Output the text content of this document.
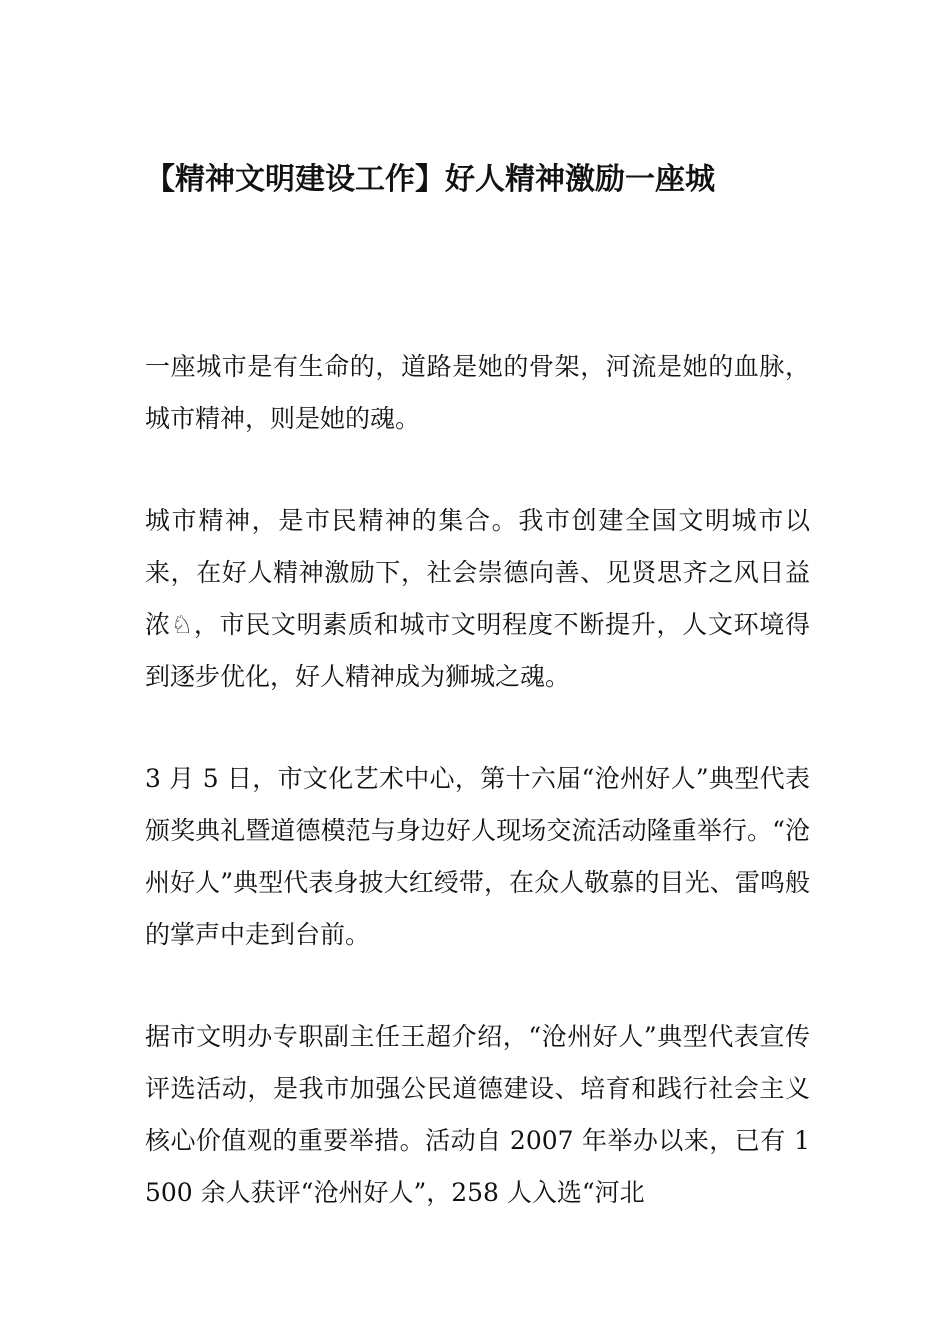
【精神文明建设工作】好人精神激励一座城

一座城市是有生命的，道路是她的骨架，河流是她的血脉，城市精神，则是她的魂。

城市精神，是市民精神的集合。我市创建全国文明城市以来，在好人精神激励下，社会崇德向善、见贤思齐之风日益浓♘，市民文明素质和城市文明程度不断提升，人文环境得到逐步优化，好人精神成为狮城之魂。

3 月 5 日，市文化艺术中心，第十六届“沧州好人”典型代表颁奖典礼暨道德模范与身边好人现场交流活动隆重举行。“沧州好人”典型代表身披大红绶带，在众人敬慕的目光、雷鸣般的掌声中走到台前。

据市文明办专职副主任王超介绍，“沧州好人”典型代表宣传评选活动，是我市加强公民道德建设、培育和践行社会主义核心价值观的重要举措。活动自 2007 年举办以来，已有 1500 余人获评“沧州好人”，258 人入选“河北
